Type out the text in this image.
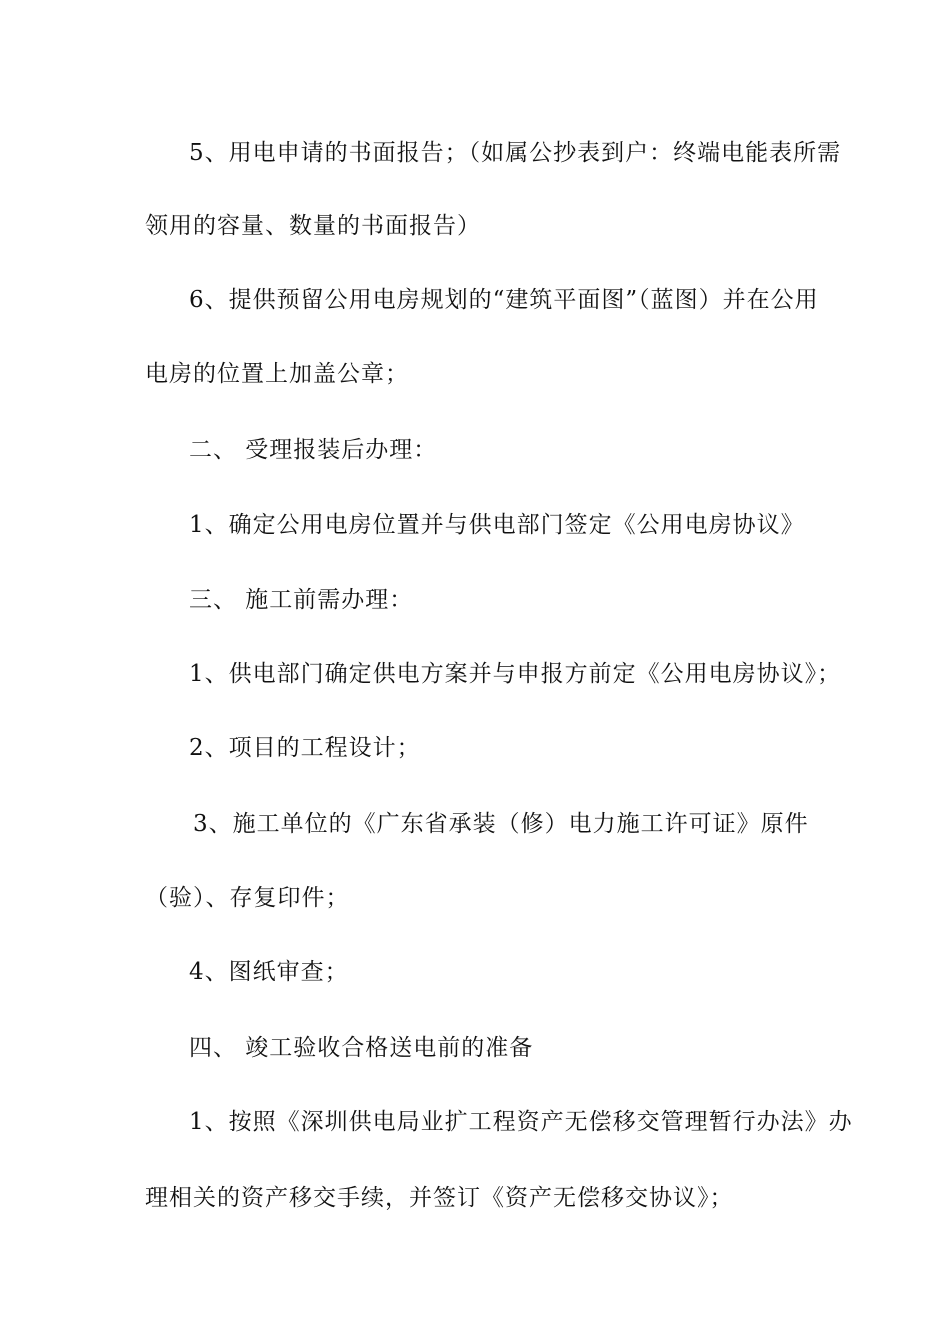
5、用电申请的书面报告；（如属公抄表到户：终端电能表所需
领用的容量、数量的书面报告）
6、提供预留公用电房规划的“建筑平面图”（蓝图）并在公用
电房的位置上加盖公章；
二、 受理报装后办理：
1、确定公用电房位置并与供电部门签定《公用电房协议》
三、 施工前需办理：
1、供电部门确定供电方案并与申报方前定《公用电房协议》；
2、项目的工程设计；
3、施工单位的《广东省承装（修）电力施工许可证》原件
（验）、存复印件；
4、图纸审查；
四、 竣工验收合格送电前的准备
1、按照《深圳供电局业扩工程资产无偿移交管理暂行办法》办
理相关的资产移交手续，并签订《资产无偿移交协议》；
